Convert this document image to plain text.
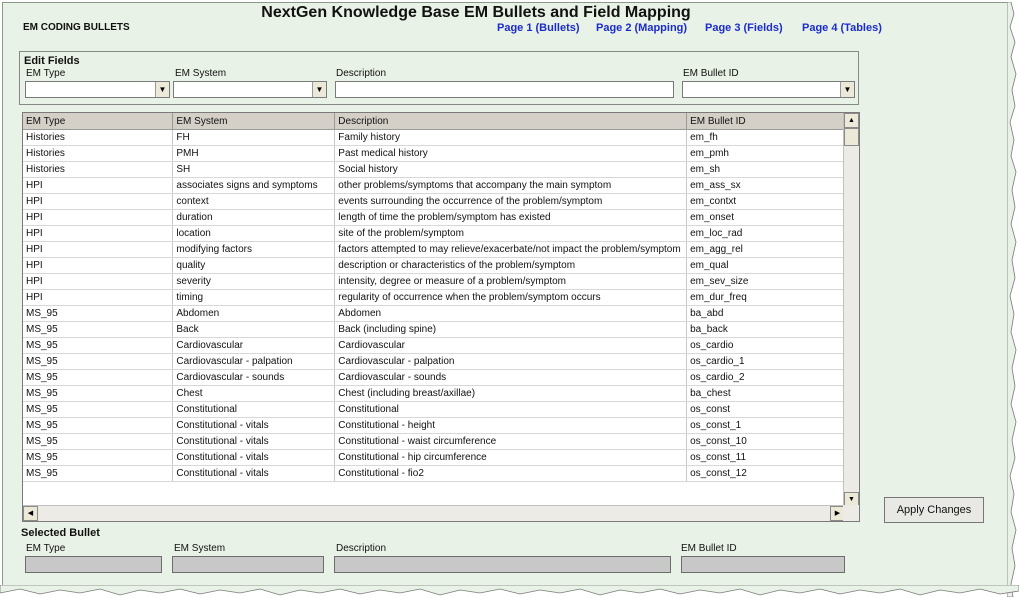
NextGen Knowledge Base EM Bullets and Field Mapping
EM CODING BULLETS	Page 1 (Bullets) Page 2 (Mapping) Page 3 (Fields) Page 4 (Tables)
Edit Fields
EM Type	EM System	Description	EM Bullet ID
▼	▼	▼
EM Type	EM System	Description	EM Bullet ID
Histories	FH	Family history	em_fh
Histories	PMH	Past medical history	em_pmh
Histories	SH	Social history	em_sh
HPI	associates signs and symptoms	other problems/symptoms that accompany the main symptom	em_ass_sx
HPI	context	events surrounding the occurrence of the problem/symptom	em_contxt
HPI	duration	length of time the problem/symptom has existed	em_onset
HPI	location	site of the problem/symptom	em_loc_rad
HPI	modifying factors	factors attempted to may relieve/exacerbate/not impact the problem/symptom	em_agg_rel
HPI	quality	description or characteristics of the problem/symptom	em_qual
HPI	severity	intensity, degree or measure of a problem/symptom	em_sev_size
HPI	timing	regularity of occurrence when the problem/symptom occurs	em_dur_freq
MS_95	Abdomen	Abdomen	ba_abd
MS_95	Back	Back (including spine)	ba_back
MS_95	Cardiovascular	Cardiovascular	os_cardio
MS_95	Cardiovascular - palpation	Cardiovascular - palpation	os_cardio_1
MS_95	Cardiovascular - sounds	Cardiovascular - sounds	os_cardio_2
MS_95	Chest	Chest (including breast/axillae)	ba_chest
MS_95	Constitutional	Constitutional	os_const
MS_95	Constitutional - vitals	Constitutional - height	os_const_1
MS_95	Constitutional - vitals	Constitutional - waist circumference	os_const_10
MS_95	Constitutional - vitals	Constitutional - hip circumference	os_const_11
MS_95	Constitutional - vitals	Constitutional - fio2	os_const_12
▲
▼
◀	▶	Apply Changes
Selected Bullet
EM Type	EM System	Description	EM Bullet ID
